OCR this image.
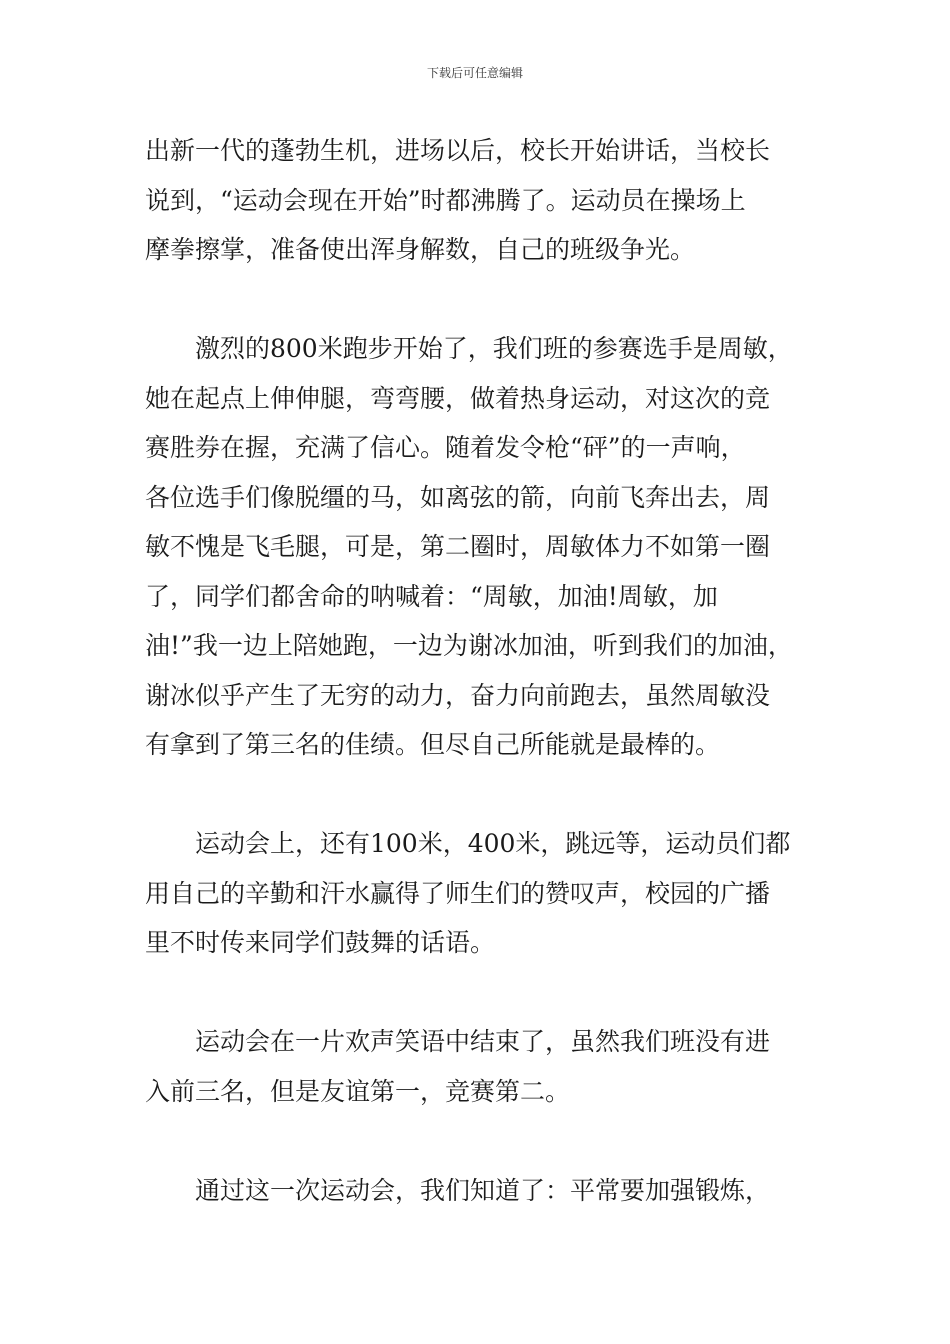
下载后可任意编辑
出新一代的蓬勃生机，进场以后，校长开始讲话，当校长
说到，“运动会现在开始”时都沸腾了。运动员在操场上
摩拳擦掌，准备使出浑身解数，自己的班级争光。
　　激烈的800米跑步开始了，我们班的参赛选手是周敏，
她在起点上伸伸腿，弯弯腰，做着热身运动，对这次的竞
赛胜券在握，充满了信心。随着发令枪“砰”的一声响，
各位选手们像脱缰的马，如离弦的箭，向前飞奔出去，周
敏不愧是飞毛腿，可是，第二圈时，周敏体力不如第一圈
了，同学们都舍命的呐喊着：“周敏，加油!周敏，加
油!”我一边上陪她跑，一边为谢冰加油，听到我们的加油，
谢冰似乎产生了无穷的动力，奋力向前跑去，虽然周敏没
有拿到了第三名的佳绩。但尽自己所能就是最棒的。
　　运动会上，还有100米，400米，跳远等，运动员们都
用自己的辛勤和汗水赢得了师生们的赞叹声，校园的广播
里不时传来同学们鼓舞的话语。
　　运动会在一片欢声笑语中结束了，虽然我们班没有进
入前三名，但是友谊第一，竞赛第二。
　　通过这一次运动会，我们知道了：平常要加强锻炼，
